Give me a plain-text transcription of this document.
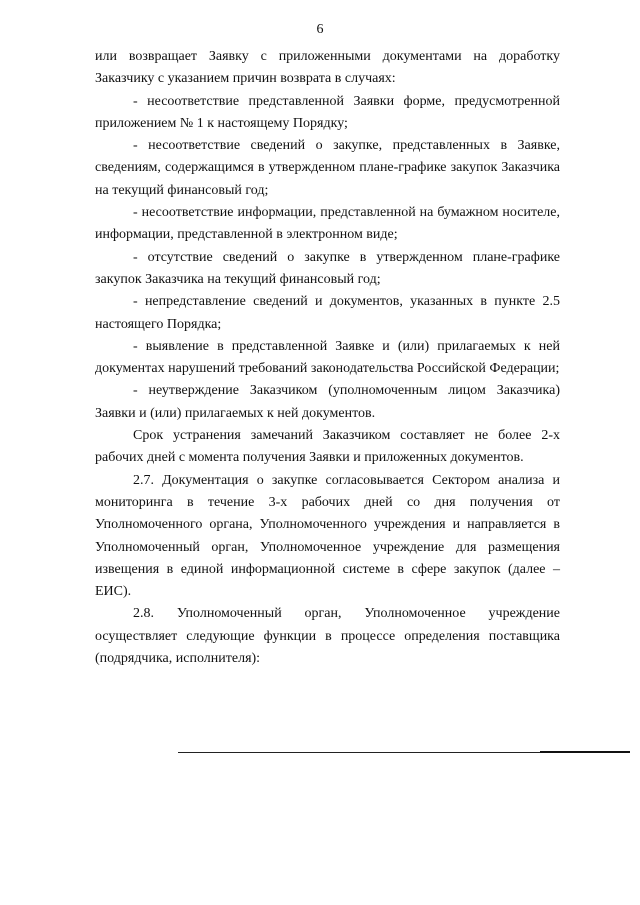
6

или возвращает Заявку с приложенными документами на доработку Заказчику с указанием причин возврата в случаях:

- несоответствие представленной Заявки форме, предусмотренной приложением № 1 к настоящему Порядку;

- несоответствие сведений о закупке, представленных в Заявке, сведениям, содержащимся в утвержденном плане-графике закупок Заказчика на текущий финансовый год;

- несоответствие информации, представленной на бумажном носителе, информации, представленной в электронном виде;

- отсутствие сведений о закупке в утвержденном плане-графике закупок Заказчика на текущий финансовый год;

- непредставление сведений и документов, указанных в пункте 2.5 настоящего Порядка;

- выявление в представленной Заявке и (или) прилагаемых к ней документах нарушений требований законодательства Российской Федерации;

- неутверждение Заказчиком (уполномоченным лицом Заказчика) Заявки и (или) прилагаемых к ней документов.

Срок устранения замечаний Заказчиком составляет не более 2-х рабочих дней с момента получения Заявки и приложенных документов.

2.7. Документация о закупке согласовывается Сектором анализа и мониторинга в течение 3-х рабочих дней со дня получения от Уполномоченного органа, Уполномоченного учреждения и направляется в Уполномоченный орган, Уполномоченное учреждение для размещения извещения в единой информационной системе в сфере закупок (далее – ЕИС).

2.8. Уполномоченный орган, Уполномоченное учреждение осуществляет следующие функции в процессе определения поставщика (подрядчика, исполнителя):
